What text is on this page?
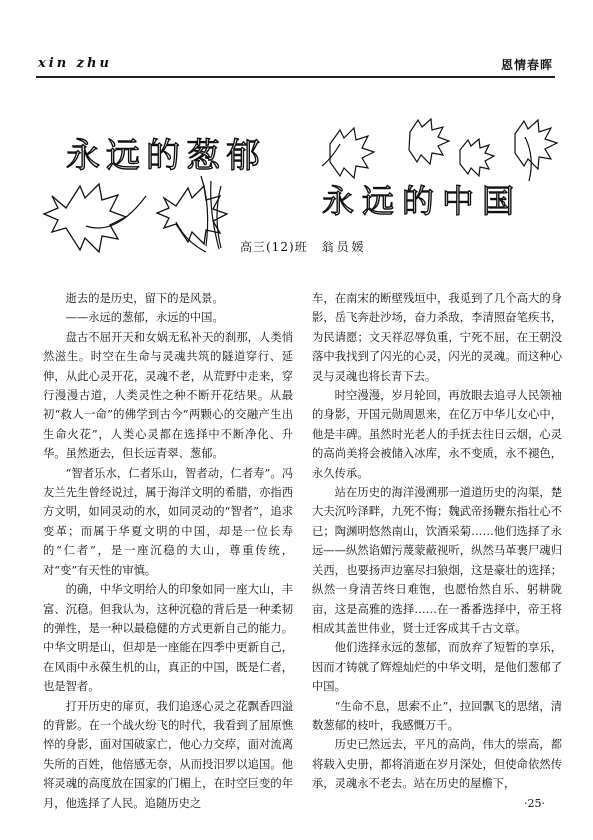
xin zhu	恩情春晖
永远的葱郁
永远的中国
高三(12)班 翁员媛

逝去的是历史，留下的是风景。

——永远的葱郁，永远的中国。

盘古不屈开天和女娲无私补天的刹那，人类悄然滋生。时空在生命与灵魂共筑的隧道穿行、延伸，从此心灵开花，灵魂不老，从荒野中走来，穿行漫漫古道，人类灵性之种不断开花结果。从最初“救人一命”的佛学到古今“两颗心的交融产生出生命火花”，人类心灵都在选择中不断净化、升华。虽然逝去，但长远青翠、葱郁。

“智者乐水，仁者乐山，智者动，仁者寿”。冯友兰先生曾经说过，属于海洋文明的希腊，亦指西方文明，如同灵动的水，如同灵动的“智者”，追求变革；而属于华夏文明的中国，却是一位长寿的“仁者”，是一座沉稳的大山，尊重传统，对“变”有天性的审慎。

的确，中华文明给人的印象如同一座大山，丰富、沉稳。但我认为，这种沉稳的背后是一种柔韧的弹性，是一种以最稳健的方式更新自己的能力。中华文明是山，但却是一座能在四季中更新自己，在风雨中永葆生机的山，真正的中国，既是仁者，也是智者。

打开历史的扉页，我们追逐心灵之花飘香四溢的背影。在一个战火纷飞的时代，我看到了屈原憔悴的身影，面对国破家亡，他心力交瘁，面对流离失所的百姓，他倍感无奈，从而投汨罗以追国。他将灵魂的高度放在国家的门楣上，在时空巨变的年月，他选择了人民。追随历史之

车，在南宋的断壁残垣中，我觅到了几个高大的身影，岳飞奔赴沙场，奋力杀敌，李清照奋笔疾书，为民请愿；文天祥忍辱负重，宁死不屈，在王朝没落中我找到了闪光的心灵，闪光的灵魂。而这种心灵与灵魂也将长青下去。

时空漫漫，岁月轮回，再放眼去追寻人民领袖的身影，开国元勋周恩来，在亿万中华儿女心中，他是丰碑。虽然时光老人的手抚去往日云烟，心灵的高尚美将会被储入冰库，永不变质，永不褪色，永久传承。

站在历史的海洋漫溯那一道道历史的沟渠，楚大夫沉吟泽畔，九死不悔；魏武帝扬鞭东指壮心不已；陶渊明悠然南山，饮酒采菊……他们选择了永远——纵然谄媚污蔑蒙蔽视听，纵然马革裹尸魂归关西，也要扬声边塞尽扫狼烟，这是豪壮的选择；纵然一身清苦终日难饱，也愿怡然自乐、躬耕陇亩，这是高雅的选择……在一番番选择中，帝王将相成其盖世伟业，贤士迁客成其千古文章。

他们选择永远的葱郁，而放弃了短暂的享乐，因而才铸就了辉煌灿烂的中华文明，是他们葱郁了中国。

“生命不息，思索不止”，拉回飘飞的思绪，清数葱郁的枝叶，我感慨万千。

历史已然远去，平凡的高尚，伟大的崇高，都将载入史册，都将消逝在岁月深处，但使命依然传承，灵魂永不老去。站在历史的屋檐下，

·25·
